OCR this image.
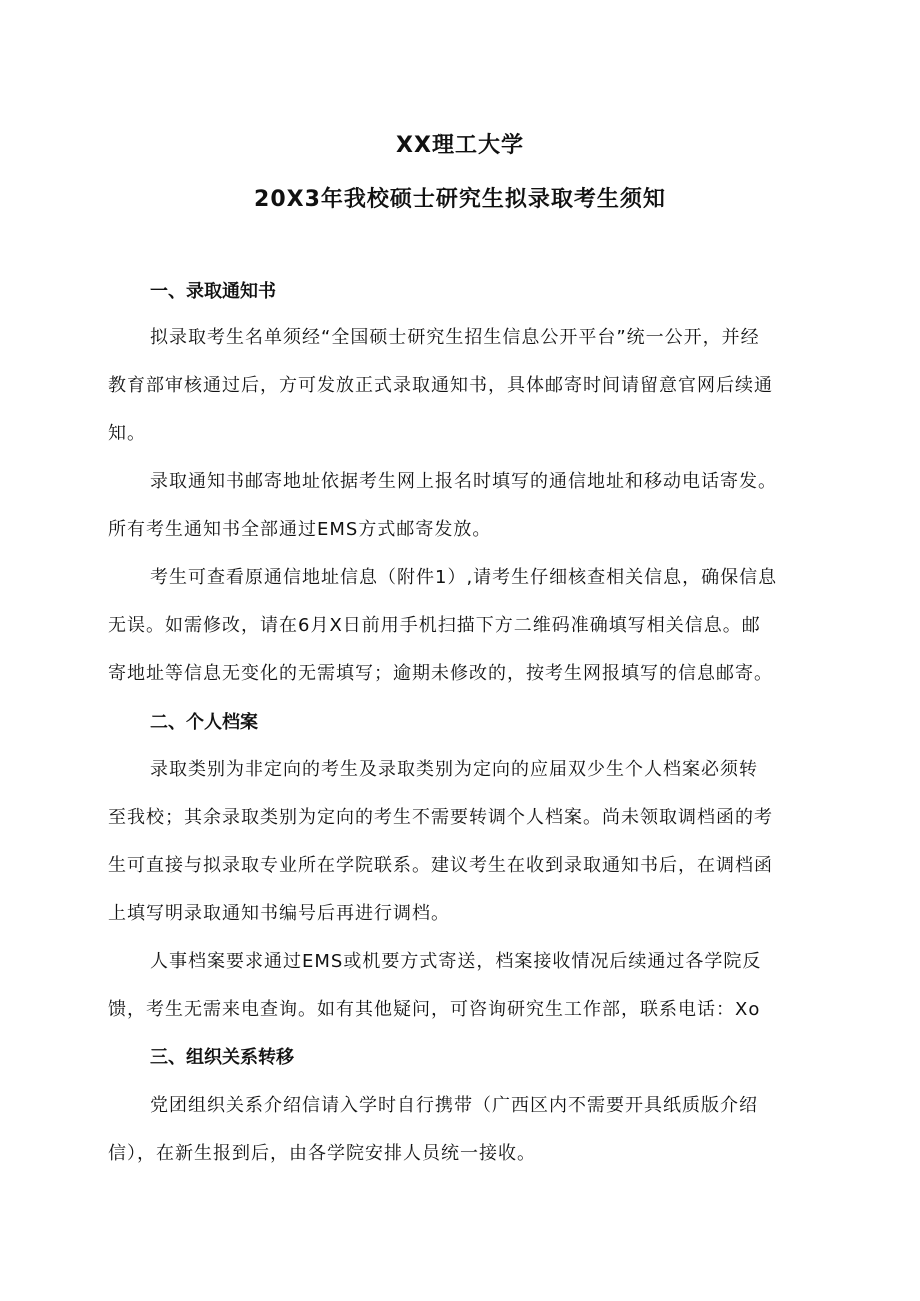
XX理工大学
20X3年我校硕士研究生拟录取考生须知
一、录取通知书
拟录取考生名单须经“全国硕士研究生招生信息公开平台”统一公开，并经
教育部审核通过后，方可发放正式录取通知书，具体邮寄时间请留意官网后续通
知。
录取通知书邮寄地址依据考生网上报名时填写的通信地址和移动电话寄发。
所有考生通知书全部通过EMS方式邮寄发放。
考生可查看原通信地址信息（附件1）,请考生仔细核查相关信息，确保信息
无误。如需修改，请在6月X日前用手机扫描下方二维码准确填写相关信息。邮
寄地址等信息无变化的无需填写；逾期未修改的，按考生网报填写的信息邮寄。
二、个人档案
录取类别为非定向的考生及录取类别为定向的应届双少生个人档案必须转
至我校；其余录取类别为定向的考生不需要转调个人档案。尚未领取调档函的考
生可直接与拟录取专业所在学院联系。建议考生在收到录取通知书后，在调档函
上填写明录取通知书编号后再进行调档。
人事档案要求通过EMS或机要方式寄送，档案接收情况后续通过各学院反
馈，考生无需来电查询。如有其他疑问，可咨询研究生工作部，联系电话：Xo
三、组织关系转移
党团组织关系介绍信请入学时自行携带（广西区内不需要开具纸质版介绍
信），在新生报到后，由各学院安排人员统一接收。
